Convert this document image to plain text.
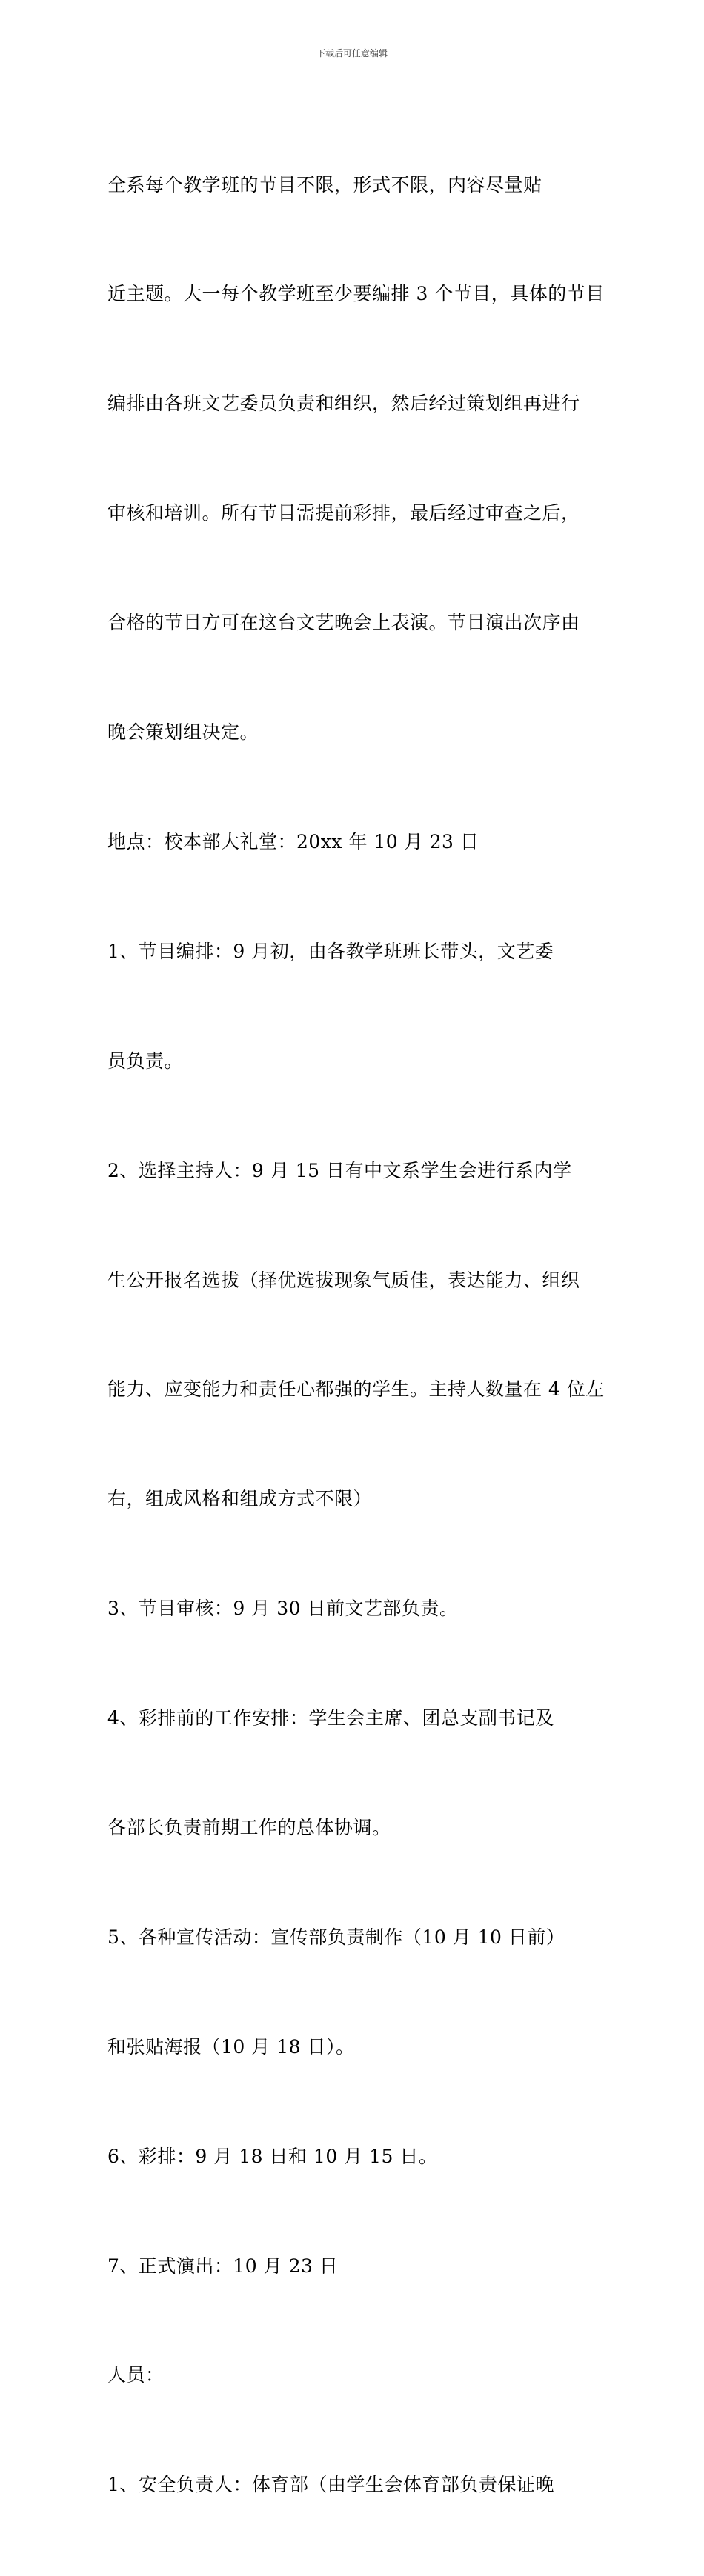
下载后可任意编辑

全系每个教学班的节目不限，形式不限，内容尽量贴

近主题。大一每个教学班至少要编排 3 个节目，具体的节目

编排由各班文艺委员负责和组织，然后经过策划组再进行

审核和培训。所有节目需提前彩排，最后经过审查之后，

合格的节目方可在这台文艺晚会上表演。节目演出次序由

晚会策划组决定。

地点：校本部大礼堂：20xx 年 10 月 23 日

1、节目编排：9 月初，由各教学班班长带头，文艺委

员负责。

2、选择主持人：9 月 15 日有中文系学生会进行系内学

生公开报名选拔（择优选拔现象气质佳，表达能力、组织

能力、应变能力和责任心都强的学生。主持人数量在 4 位左

右，组成风格和组成方式不限）

3、节目审核：9 月 30 日前文艺部负责。

4、彩排前的工作安排：学生会主席、团总支副书记及

各部长负责前期工作的总体协调。

5、各种宣传活动：宣传部负责制作（10 月 10 日前）

和张贴海报（10 月 18 日）。

6、彩排：9 月 18 日和 10 月 15 日。

7、正式演出：10 月 23 日

人员：

1、安全负责人：体育部（由学生会体育部负责保证晚
